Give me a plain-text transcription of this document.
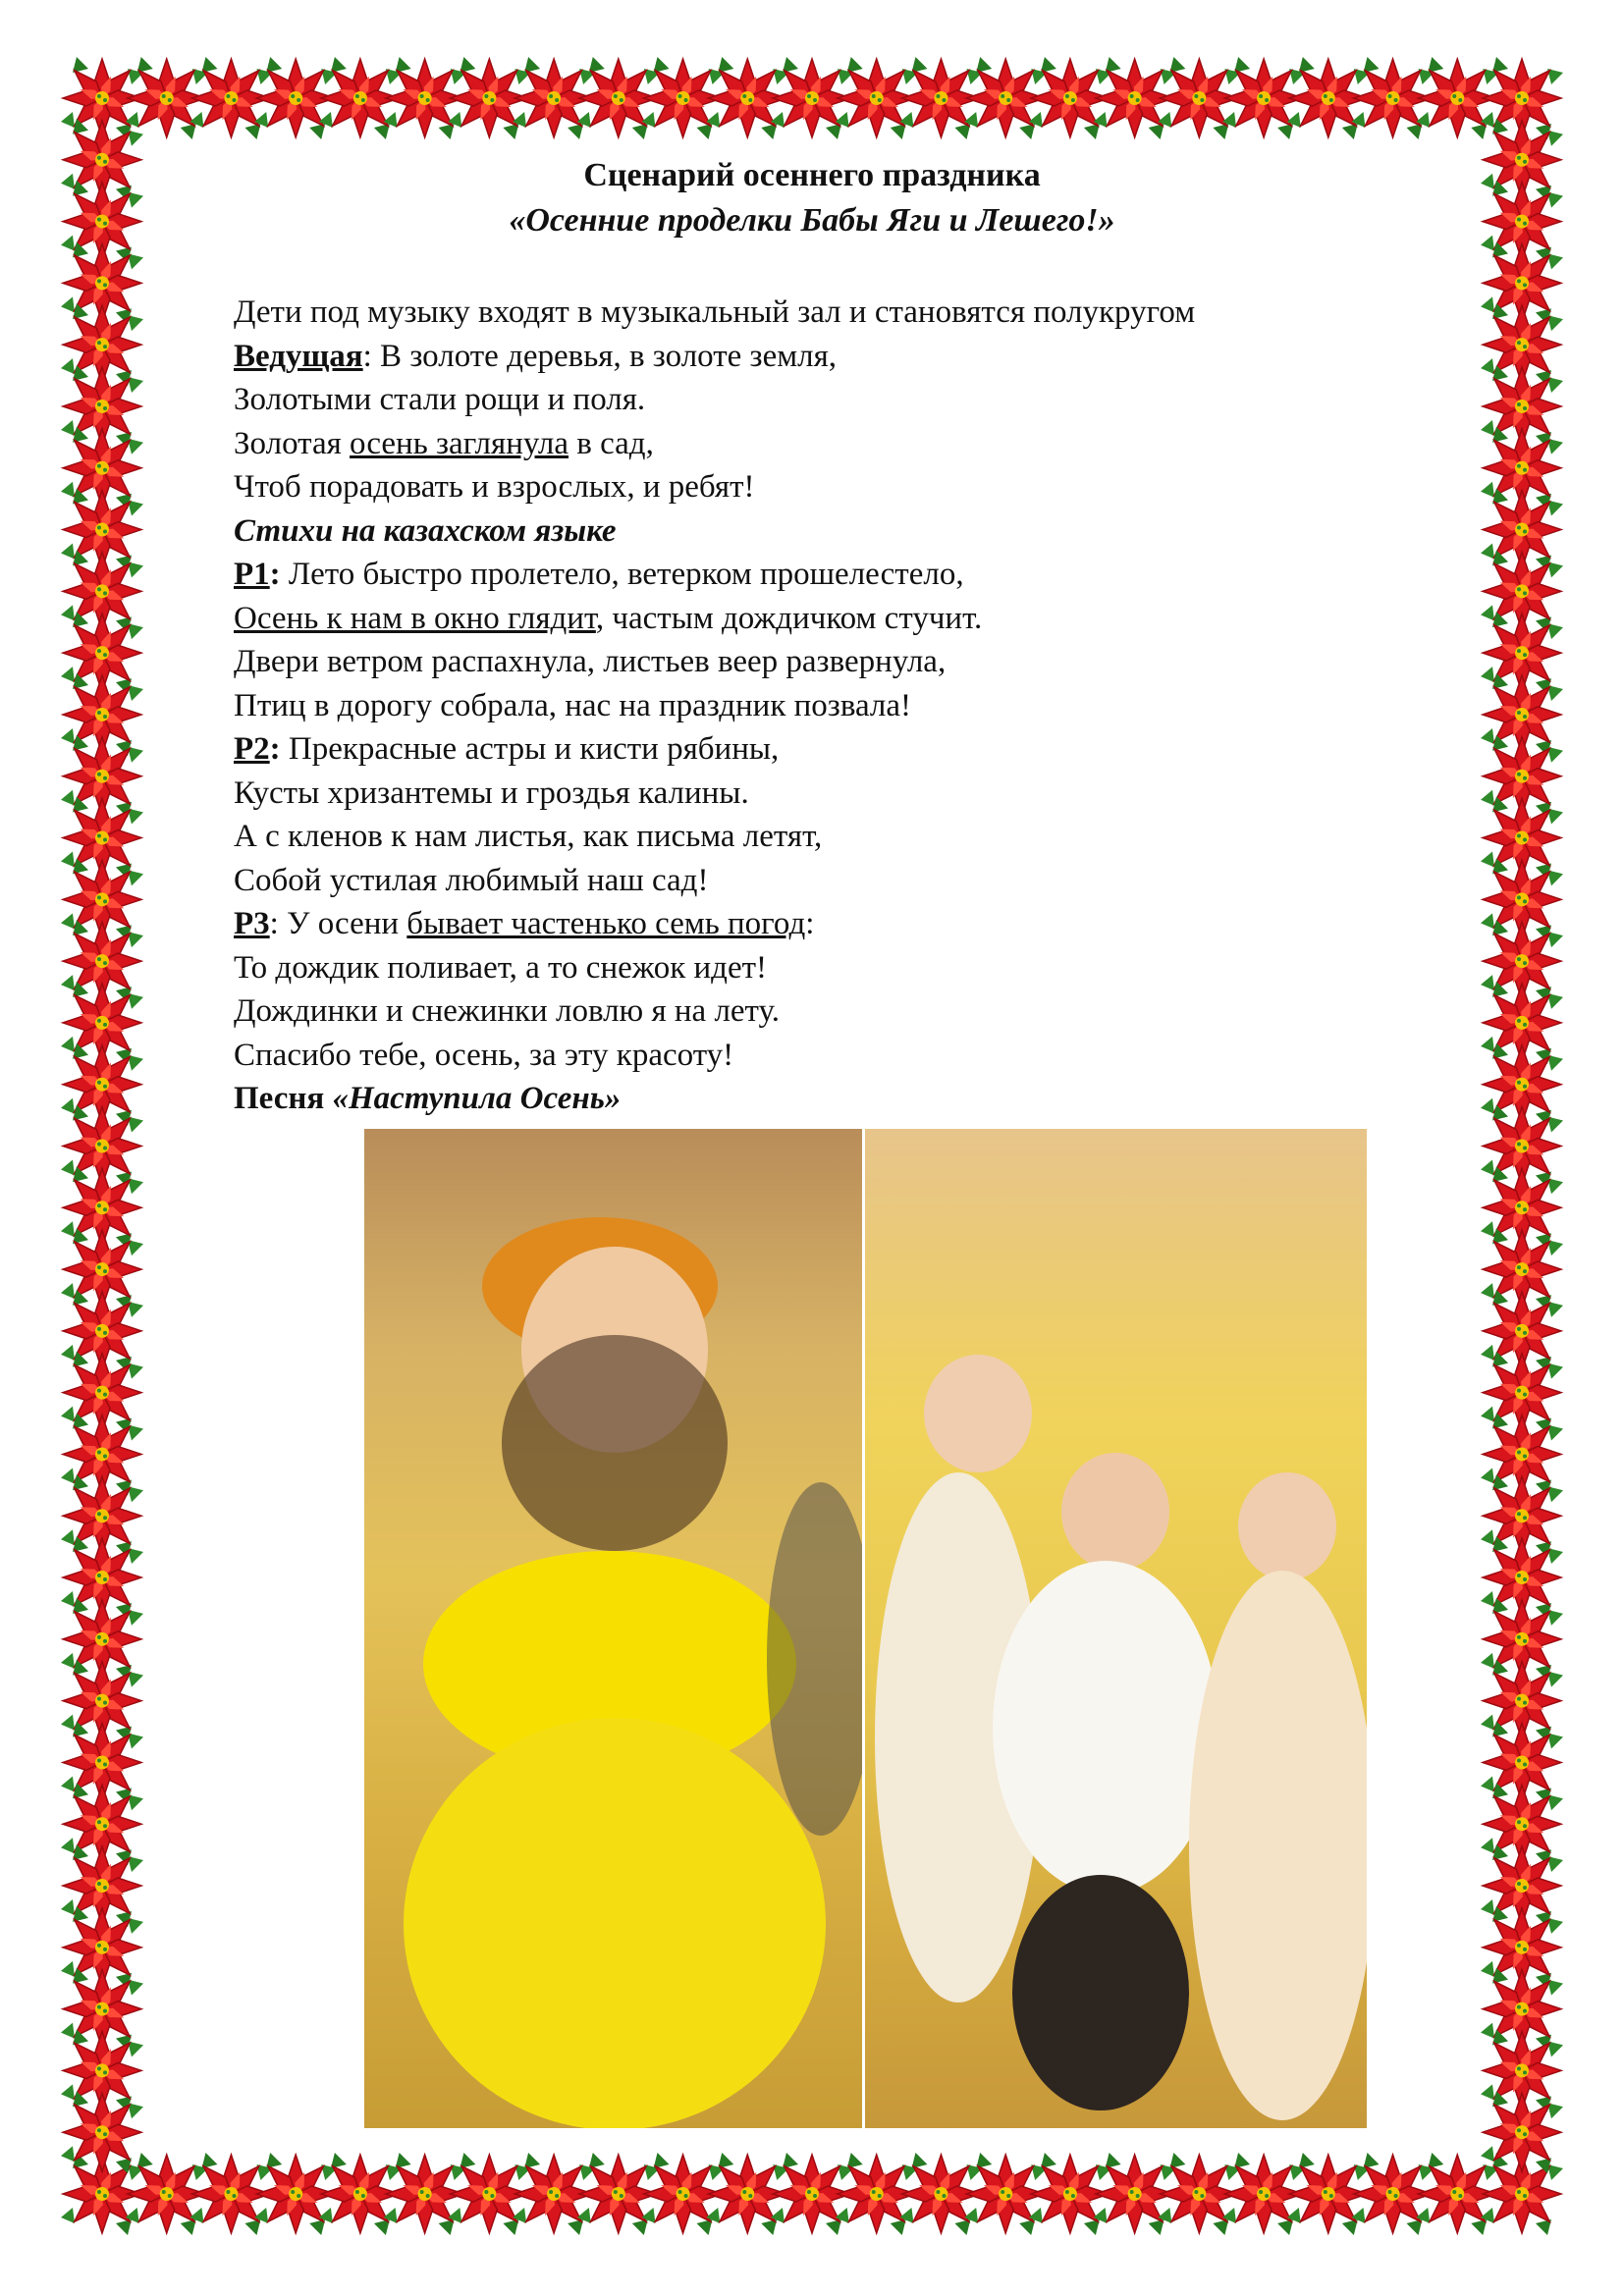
Сценарий осеннего праздника
«Осенние проделки Бабы Яги и Лешего!»

Дети под музыку входят в музыкальный зал и становятся полукругом

Ведущая: В золоте деревья, в золоте земля,

Золотыми стали рощи и поля.

Золотая осень заглянула в сад,

Чтоб порадовать и взрослых, и ребят!

Стихи на казахском языке

Р1: Лето быстро пролетело, ветерком прошелестело,

Осень к нам в окно глядит, частым дождичком стучит.

Двери ветром распахнула, листьев веер развернула,

Птиц в дорогу собрала, нас на праздник позвала!

Р2: Прекрасные астры и кисти рябины,

Кусты хризантемы и гроздья калины.

А с кленов к нам листья, как письма летят,

Собой устилая любимый наш сад!

Р3: У осени бывает частенько семь погод:

То дождик поливает, а то снежок идет!

Дождинки и снежинки ловлю я на лету.

Спасибо тебе, осень, за эту красоту!

Песня «Наступила Осень»
